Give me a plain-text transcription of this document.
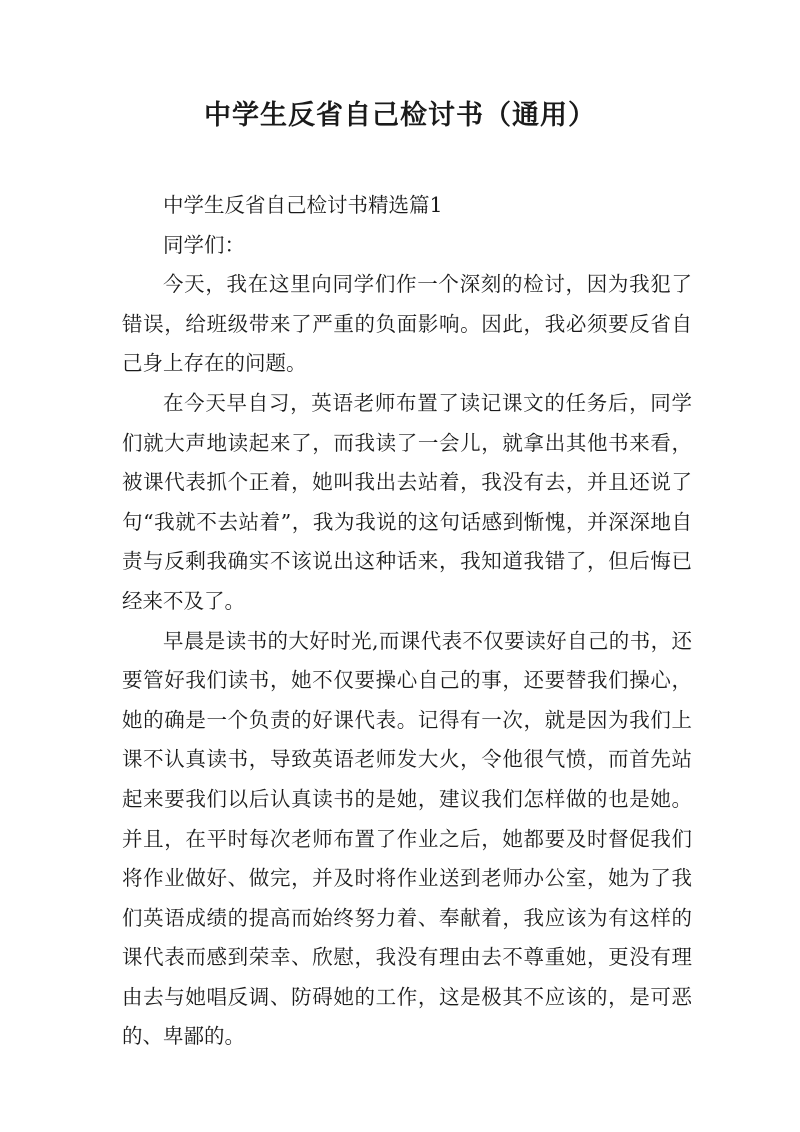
中学生反省自己检讨书（通用）

中学生反省自己检讨书精选篇1

同学们：

今天，我在这里向同学们作一个深刻的检讨，因为我犯了错误，给班级带来了严重的负面影响。因此，我必须要反省自己身上存在的问题。

在今天早自习，英语老师布置了读记课文的任务后，同学们就大声地读起来了，而我读了一会儿，就拿出其他书来看，被课代表抓个正着，她叫我出去站着，我没有去，并且还说了句“我就不去站着”，我为我说的这句话感到惭愧，并深深地自责与反剩我确实不该说出这种话来，我知道我错了，但后悔已经来不及了。

早晨是读书的大好时光,而课代表不仅要读好自己的书，还要管好我们读书，她不仅要操心自己的事，还要替我们操心，她的确是一个负责的好课代表。记得有一次，就是因为我们上课不认真读书，导致英语老师发大火，令他很气愤，而首先站起来要我们以后认真读书的是她，建议我们怎样做的也是她。并且，在平时每次老师布置了作业之后，她都要及时督促我们将作业做好、做完，并及时将作业送到老师办公室，她为了我们英语成绩的提高而始终努力着、奉献着，我应该为有这样的课代表而感到荣幸、欣慰，我没有理由去不尊重她，更没有理由去与她唱反调、防碍她的工作，这是极其不应该的，是可恶的、卑鄙的。
